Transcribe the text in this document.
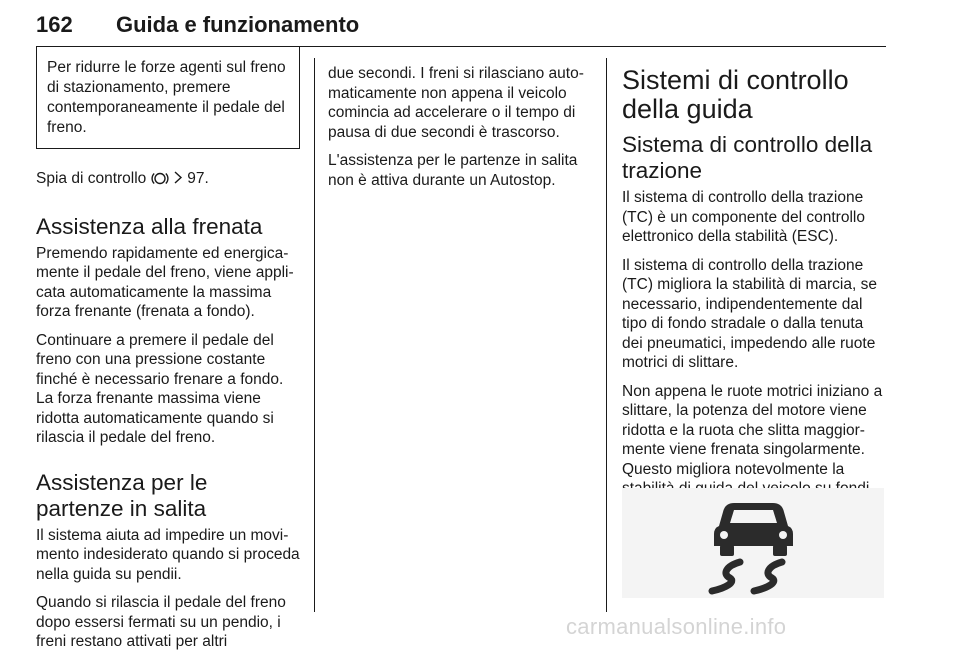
162 Guida e funzionamento
Per ridurre le forze agenti sul freno di stazionamento, premere contemporaneamente il pedale del freno.

Spia di controllo   97.

Assistenza alla frenata

Premendo rapidamente ed energica-mente il pedale del freno, viene appli-cata automaticamente la massima forza frenante (frenata a fondo).

Continuare a premere il pedale del freno con una pressione costante finché è necessario frenare a fondo. La forza frenante massima viene ridotta automaticamente quando si rilascia il pedale del freno.

Assistenza per le partenze in salita

Il sistema aiuta ad impedire un movi-mento indesiderato quando si proceda nella guida su pendii.

Quando si rilascia il pedale del freno dopo essersi fermati su un pendio, i freni restano attivati per altri

due secondi. I freni si rilasciano auto-maticamente non appena il veicolo comincia ad accelerare o il tempo di pausa di due secondi è trascorso.

L'assistenza per le partenze in salita non è attiva durante un Autostop.

Sistemi di controllo della guida
Sistema di controllo della trazione

Il sistema di controllo della trazione (TC) è un componente del controllo elettronico della stabilità (ESC).

Il sistema di controllo della trazione (TC) migliora la stabilità di marcia, se necessario, indipendentemente dal tipo di fondo stradale o dalla tenuta dei pneumatici, impedendo alle ruote motrici di slittare.

Non appena le ruote motrici iniziano a slittare, la potenza del motore viene ridotta e la ruota che slitta maggior-mente viene frenata singolarmente. Questo migliora notevolmente la

carmanualsonline.info
